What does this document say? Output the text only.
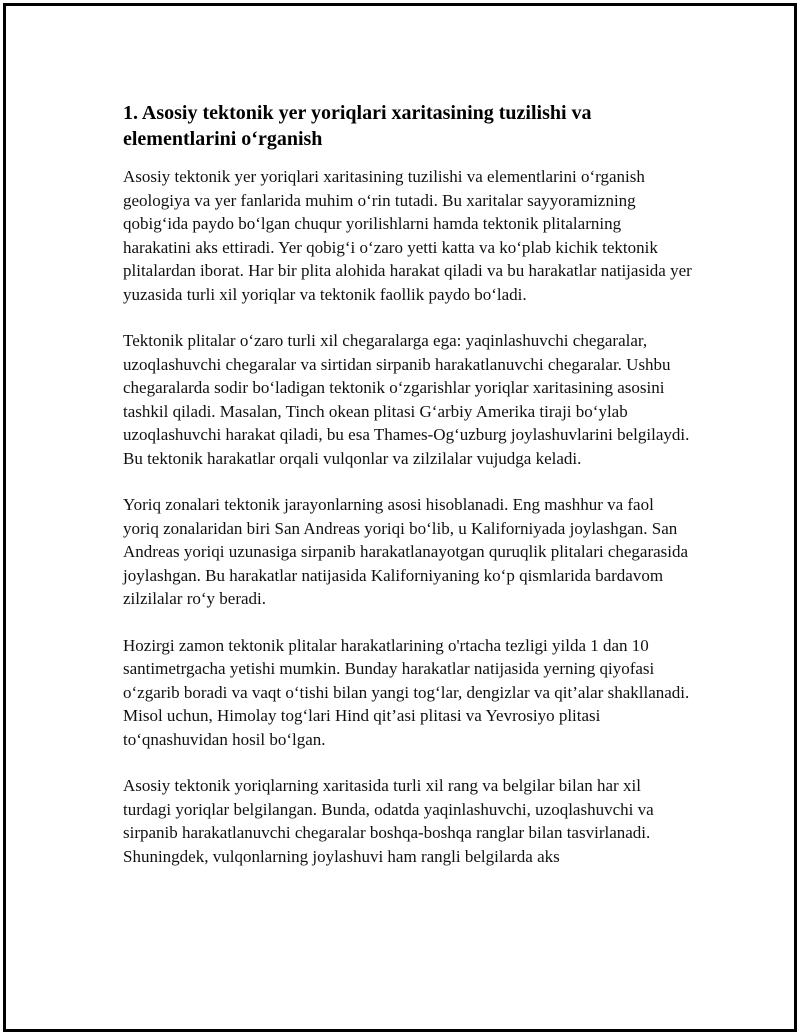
1. Asosiy tektonik yer yoriqlari xaritasining tuzilishi va elementlarini o‘rganish

Asosiy tektonik yer yoriqlari xaritasining tuzilishi va elementlarini o‘rganish geologiya va yer fanlarida muhim o‘rin tutadi. Bu xaritalar sayyoramizning qobig‘ida paydo bo‘lgan chuqur yorilishlarni hamda tektonik plitalarning harakatini aks ettiradi. Yer qobig‘i o‘zaro yetti katta va ko‘plab kichik tektonik plitalardan iborat. Har bir plita alohida harakat qiladi va bu harakatlar natijasida yer yuzasida turli xil yoriqlar va tektonik faollik paydo bo‘ladi.

Tektonik plitalar o‘zaro turli xil chegaralarga ega: yaqinlashuvchi chegaralar, uzoqlashuvchi chegaralar va sirtidan sirpanib harakatlanuvchi chegaralar. Ushbu chegaralarda sodir bo‘ladigan tektonik o‘zgarishlar yoriqlar xaritasining asosini tashkil qiladi. Masalan, Tinch okean plitasi G‘arbiy Amerika tiraji bo‘ylab uzoqlashuvchi harakat qiladi, bu esa Thames-Og‘uzburg joylashuvlarini belgilaydi. Bu tektonik harakatlar orqali vulqonlar va zilzilalar vujudga keladi.

Yoriq zonalari tektonik jarayonlarning asosi hisoblanadi. Eng mashhur va faol yoriq zonalaridan biri San Andreas yoriqi bo‘lib, u Kaliforniyada joylashgan. San Andreas yoriqi uzunasiga sirpanib harakatlanayotgan quruqlik plitalari chegarasida joylashgan. Bu harakatlar natijasida Kaliforniyaning ko‘p qismlarida bardavom zilzilalar ro‘y beradi.

Hozirgi zamon tektonik plitalar harakatlarining o'rtacha tezligi yilda 1 dan 10 santimetrgacha yetishi mumkin. Bunday harakatlar natijasida yerning qiyofasi o‘zgarib boradi va vaqt o‘tishi bilan yangi tog‘lar, dengizlar va qit’alar shakllanadi. Misol uchun, Himolay tog‘lari Hind qit’asi plitasi va Yevrosiyo plitasi to‘qnashuvidan hosil bo‘lgan.

Asosiy tektonik yoriqlarning xaritasida turli xil rang va belgilar bilan har xil turdagi yoriqlar belgilangan. Bunda, odatda yaqinlashuvchi, uzoqlashuvchi va sirpanib harakatlanuvchi chegaralar boshqa-boshqa ranglar bilan tasvirlanadi. Shuningdek, vulqonlarning joylashuvi ham rangli belgilarda aks
